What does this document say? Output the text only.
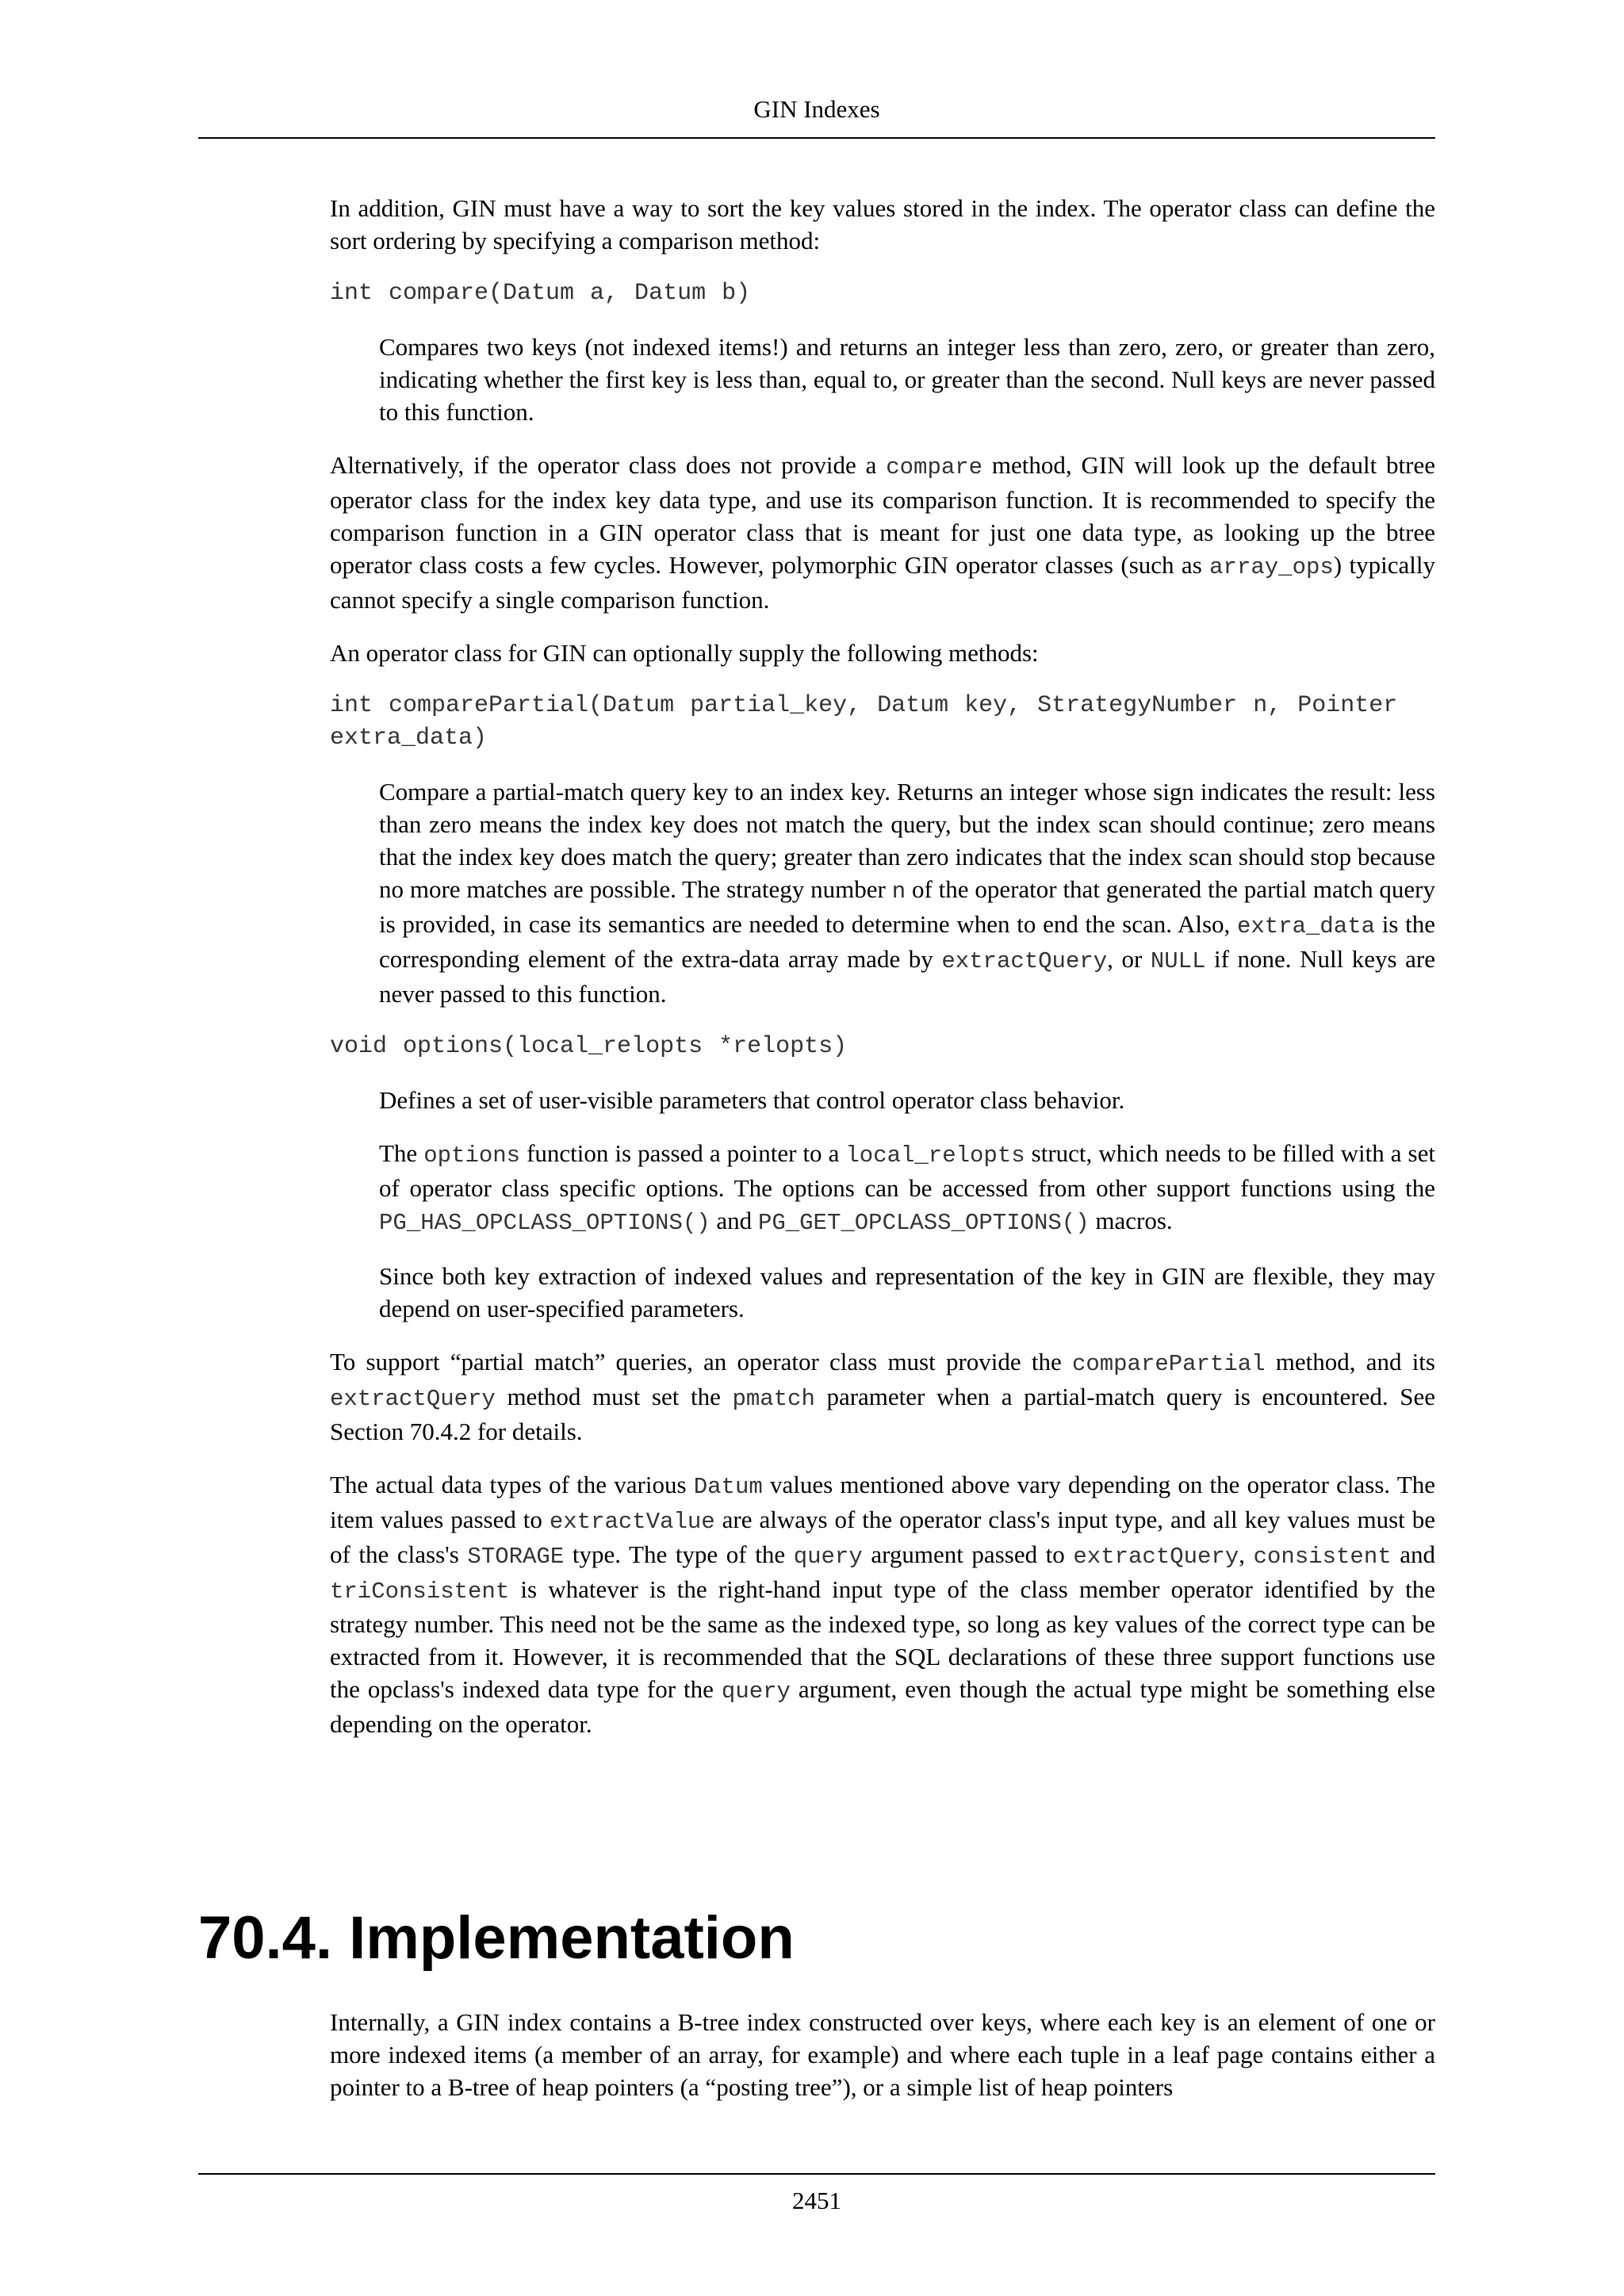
GIN Indexes

In addition, GIN must have a way to sort the key values stored in the index. The operator class can define the sort ordering by specifying a comparison method:

int compare(Datum a, Datum b)

Compares two keys (not indexed items!) and returns an integer less than zero, zero, or greater than zero, indicating whether the first key is less than, equal to, or greater than the second. Null keys are never passed to this function.

Alternatively, if the operator class does not provide a compare method, GIN will look up the default btree operator class for the index key data type, and use its comparison function. It is recommended to specify the comparison function in a GIN operator class that is meant for just one data type, as looking up the btree operator class costs a few cycles. However, polymorphic GIN operator classes (such as array_ops) typically cannot specify a single comparison function.

An operator class for GIN can optionally supply the following methods:

int comparePartial(Datum partial_key, Datum key, StrategyNumber n, Pointer extra_data)

Compare a partial-match query key to an index key. Returns an integer whose sign indicates the result: less than zero means the index key does not match the query, but the index scan should continue; zero means that the index key does match the query; greater than zero indicates that the index scan should stop because no more matches are possible. The strategy number n of the operator that generated the partial match query is provided, in case its semantics are needed to determine when to end the scan. Also, extra_data is the corresponding element of the extra-data array made by extractQuery, or NULL if none. Null keys are never passed to this function.

void options(local_relopts *relopts)

Defines a set of user-visible parameters that control operator class behavior.

The options function is passed a pointer to a local_relopts struct, which needs to be filled with a set of operator class specific options. The options can be accessed from other support functions using the PG_HAS_OPCLASS_OPTIONS() and PG_GET_OPCLASS_OPTIONS() macros.

Since both key extraction of indexed values and representation of the key in GIN are flexible, they may depend on user-specified parameters.

To support “partial match” queries, an operator class must provide the comparePartial method, and its extractQuery method must set the pmatch parameter when a partial-match query is encountered. See Section 70.4.2 for details.

The actual data types of the various Datum values mentioned above vary depending on the operator class. The item values passed to extractValue are always of the operator class's input type, and all key values must be of the class's STORAGE type. The type of the query argument passed to extractQuery, consistent and triConsistent is whatever is the right-hand input type of the class member operator identified by the strategy number. This need not be the same as the indexed type, so long as key values of the correct type can be extracted from it. However, it is recommended that the SQL declarations of these three support functions use the opclass's indexed data type for the query argument, even though the actual type might be something else depending on the operator.

70.4. Implementation

Internally, a GIN index contains a B-tree index constructed over keys, where each key is an element of one or more indexed items (a member of an array, for example) and where each tuple in a leaf page contains either a pointer to a B-tree of heap pointers (a “posting tree”), or a simple list of heap pointers

2451
